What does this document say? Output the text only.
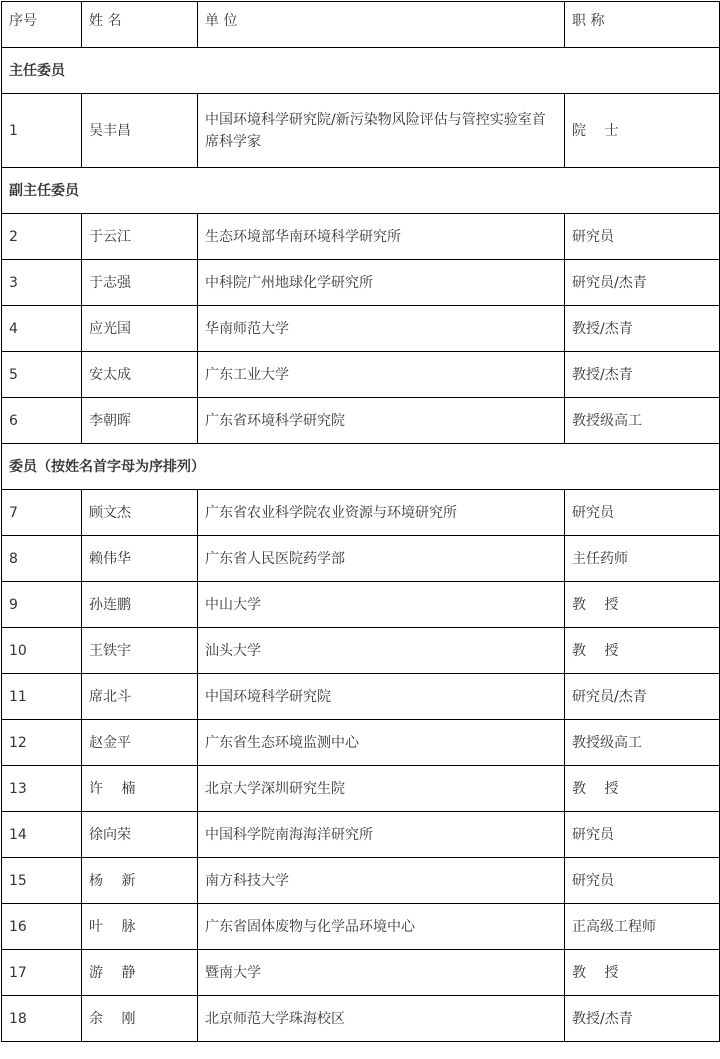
序号	姓 名	单 位	职 称
主任委员			
1	吴丰昌	中国环境科学研究院/新污染物风险评估与管控实验室首席科学家	院　 士
副主任委员			
2	于云江	生态环境部华南环境科学研究所	研究员
3	于志强	中科院广州地球化学研究所	研究员/杰青
4	应光国	华南师范大学	教授/杰青
5	安太成	广东工业大学	教授/杰青
6	李朝晖	广东省环境科学研究院	教授级高工
委员（按姓名首字母为序排列）			
7	顾文杰	广东省农业科学院农业资源与环境研究所	研究员
8	赖伟华	广东省人民医院药学部	主任药师
9	孙连鹏	中山大学	教　 授
10	王铁宇	汕头大学	教　 授
11	席北斗	中国环境科学研究院	研究员/杰青
12	赵金平	广东省生态环境监测中心	教授级高工
13	许　 楠	北京大学深圳研究生院	教　 授
14	徐向荣	中国科学院南海海洋研究所	研究员
15	杨　 新	南方科技大学	研究员
16	叶　 脉	广东省固体废物与化学品环境中心	正高级工程师
17	游　 静	暨南大学	教　 授
18	余　 刚	北京师范大学珠海校区	教授/杰青
